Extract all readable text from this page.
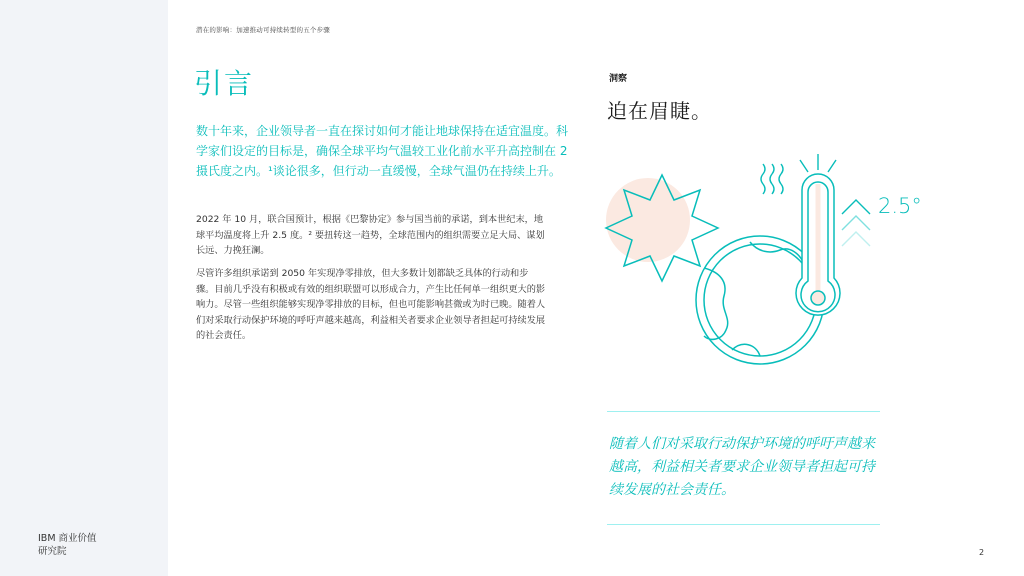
IBM 商业价值
研究院
潜在的影响：加速推动可持续转型的五个步骤
引言
数十年来，企业领导者一直在探讨如何才能让地球保持在适宜温度。科学家们设定的目标是，确保全球平均气温较工业化前水平升高控制在 2 摄氏度之内。¹谈论很多，但行动一直缓慢，全球气温仍在持续上升。
2022 年 10 月，联合国预计，根据《巴黎协定》参与国当前的承诺，到本世纪末，地球平均温度将上升 2.5 度。² 要扭转这一趋势，全球范围内的组织需要立足大局、谋划长远、力挽狂澜。
尽管许多组织承诺到 2050 年实现净零排放，但大多数计划都缺乏具体的行动和步骤。目前几乎没有积极或有效的组织联盟可以形成合力，产生比任何单一组织更大的影响力。尽管一些组织能够实现净零排放的目标，但也可能影响甚微或为时已晚。随着人们对采取行动保护环境的呼吁声越来越高，利益相关者要求企业领导者担起可持续发展的社会责任。
洞察
迫在眉睫。
2.5°
随着人们对采取行动保护环境的呼吁声越来越高，利益相关者要求企业领导者担起可持续发展的社会责任。
2
